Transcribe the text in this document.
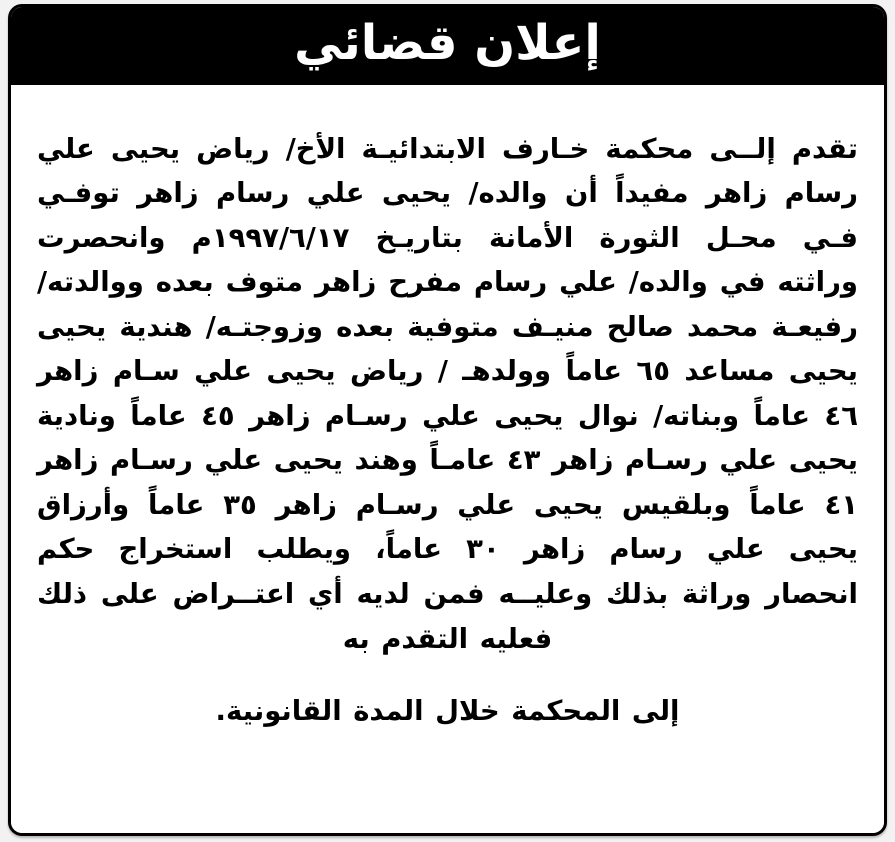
إعلان قضائي

تقدم إلــى محكمة خـارف الابتدائيـة الأخ/ رياض يحيى علي رسام زاهر مفيداً أن والده/ يحيى علي رسام زاهر توفـي فـي محـل الثورة الأمانة بتاريـخ ١٩٩٧/٦/١٧م وانحصرت وراثته في والده/ علي رسام مفرح زاهر متوف بعده ووالدته/ رفيعـة محمد صالح منيـف متوفية بعده وزوجتـه/ هندية يحيى يحيى مساعد ٦٥ عاماً وولدهـ / رياض يحيى علي سـام زاهر ٤٦ عاماً وبناته/ نوال يحيى علي رسـام زاهر ٤٥ عاماً ونادية يحيى علي رسـام زاهر ٤٣ عامـاً وهند يحيى علي رسـام زاهر ٤١ عاماً وبلقيس يحيى علي رسـام زاهر ٣٥ عاماً وأرزاق يحيى علي رسام زاهر ٣٠ عاماً، ويطلب استخراج حكم انحصار وراثة بذلك وعليــه فمن لديه أي اعتــراض على ذلك فعليه التقدم به

إلى المحكمة خلال المدة القانونية.
